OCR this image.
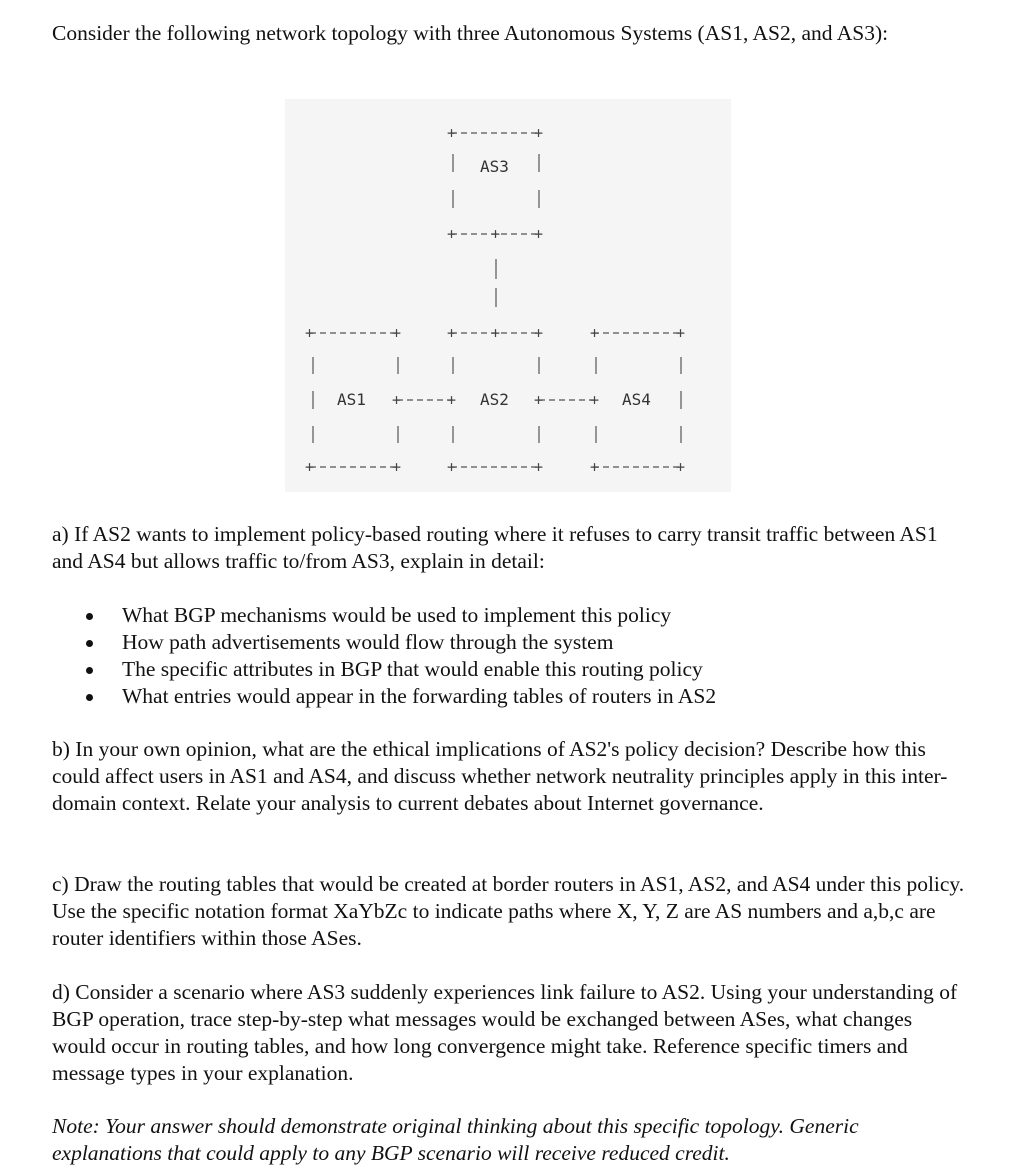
Consider the following network topology with three Autonomous Systems (AS1, AS2, and AS3):

+	+
+ + +
AS3
+	+
+	+
AS1 +	+
+ + +
+	+
AS2 +	+
+	+
+	+
AS4

a) If AS2 wants to implement policy-based routing where it refuses to carry transit traffic between AS1 and AS4 but allows traffic to/from AS3, explain in detail:

What BGP mechanisms would be used to implement this policy
How path advertisements would flow through the system
The specific attributes in BGP that would enable this routing policy
What entries would appear in the forwarding tables of routers in AS2

b) In your own opinion, what are the ethical implications of AS2's policy decision? Describe how this could affect users in AS1 and AS4, and discuss whether network neutrality principles apply in this inter-domain context. Relate your analysis to current debates about Internet governance.

c) Draw the routing tables that would be created at border routers in AS1, AS2, and AS4 under this policy. Use the specific notation format XaYbZc to indicate paths where X, Y, Z are AS numbers and a,b,c are router identifiers within those ASes.

d) Consider a scenario where AS3 suddenly experiences link failure to AS2. Using your understanding of BGP operation, trace step-by-step what messages would be exchanged between ASes, what changes would occur in routing tables, and how long convergence might take. Reference specific timers and message types in your explanation.

Note: Your answer should demonstrate original thinking about this specific topology. Generic explanations that could apply to any BGP scenario will receive reduced credit.
